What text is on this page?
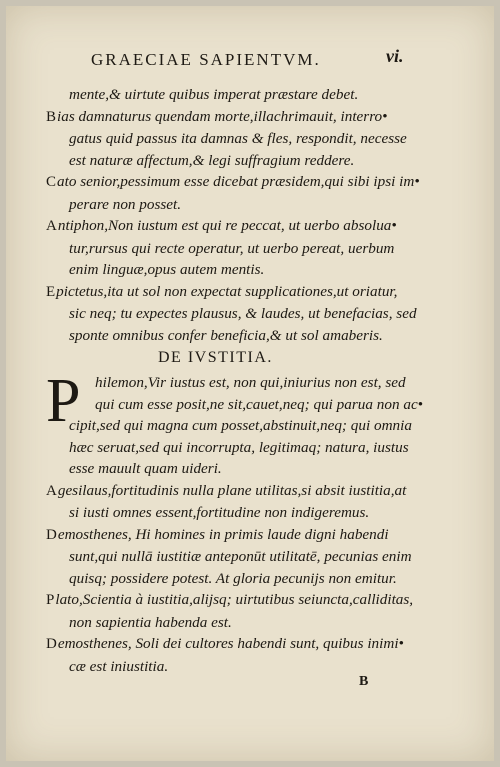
GRAECIAE SAPIENTVM.	vi.

mente,& uirtute quibus imperat præstare debet.

Bias damnaturus quendam morte,illachrimauit, interro•
gatus quid passus ita damnas & fles, respondit, necesse
est naturæ affectum,& legi suffragium reddere.

Cato senior,pessimum esse dicebat præsidem,qui sibi ipsi im•
perare non posset.

Antiphon,Non iustum est qui re peccat, ut uerbo absolua•
tur,rursus qui recte operatur, ut uerbo pereat, uerbum
enim linguæ,opus autem mentis.

Epictetus,ita ut sol non expectat supplicationes,ut oriatur,
sic neq; tu expectes plausus, & laudes, ut benefacias, sed
sponte omnibus confer beneficia,& ut sol amaberis.

DE IVSTITIA.
P hilemon,Vir iustus est, non qui,iniurius non est, sed
qui cum esse posit,ne sit,cauet,neq; qui parua non ac•
cipit,sed qui magna cum posset,abstinuit,neq; qui omnia
hæc seruat,sed qui incorrupta, legitimaq; natura, iustus
esse mauult quam uideri.

Agesilaus,fortitudinis nulla plane utilitas,si absit iustitia,at
si iusti omnes essent,fortitudine non indigeremus.

Demosthenes, Hi homines in primis laude digni habendi
sunt,qui nullā iustitiæ anteponūt utilitatē, pecunias enim
quisq; possidere potest. At gloria pecunijs non emitur.

Plato,Scientia à iustitia,alijsq; uirtutibus seiuncta,calliditas,
non sapientia habenda est.

Demosthenes, Soli dei cultores habendi sunt, quibus inimi•
cæ est iniustitia.

B
